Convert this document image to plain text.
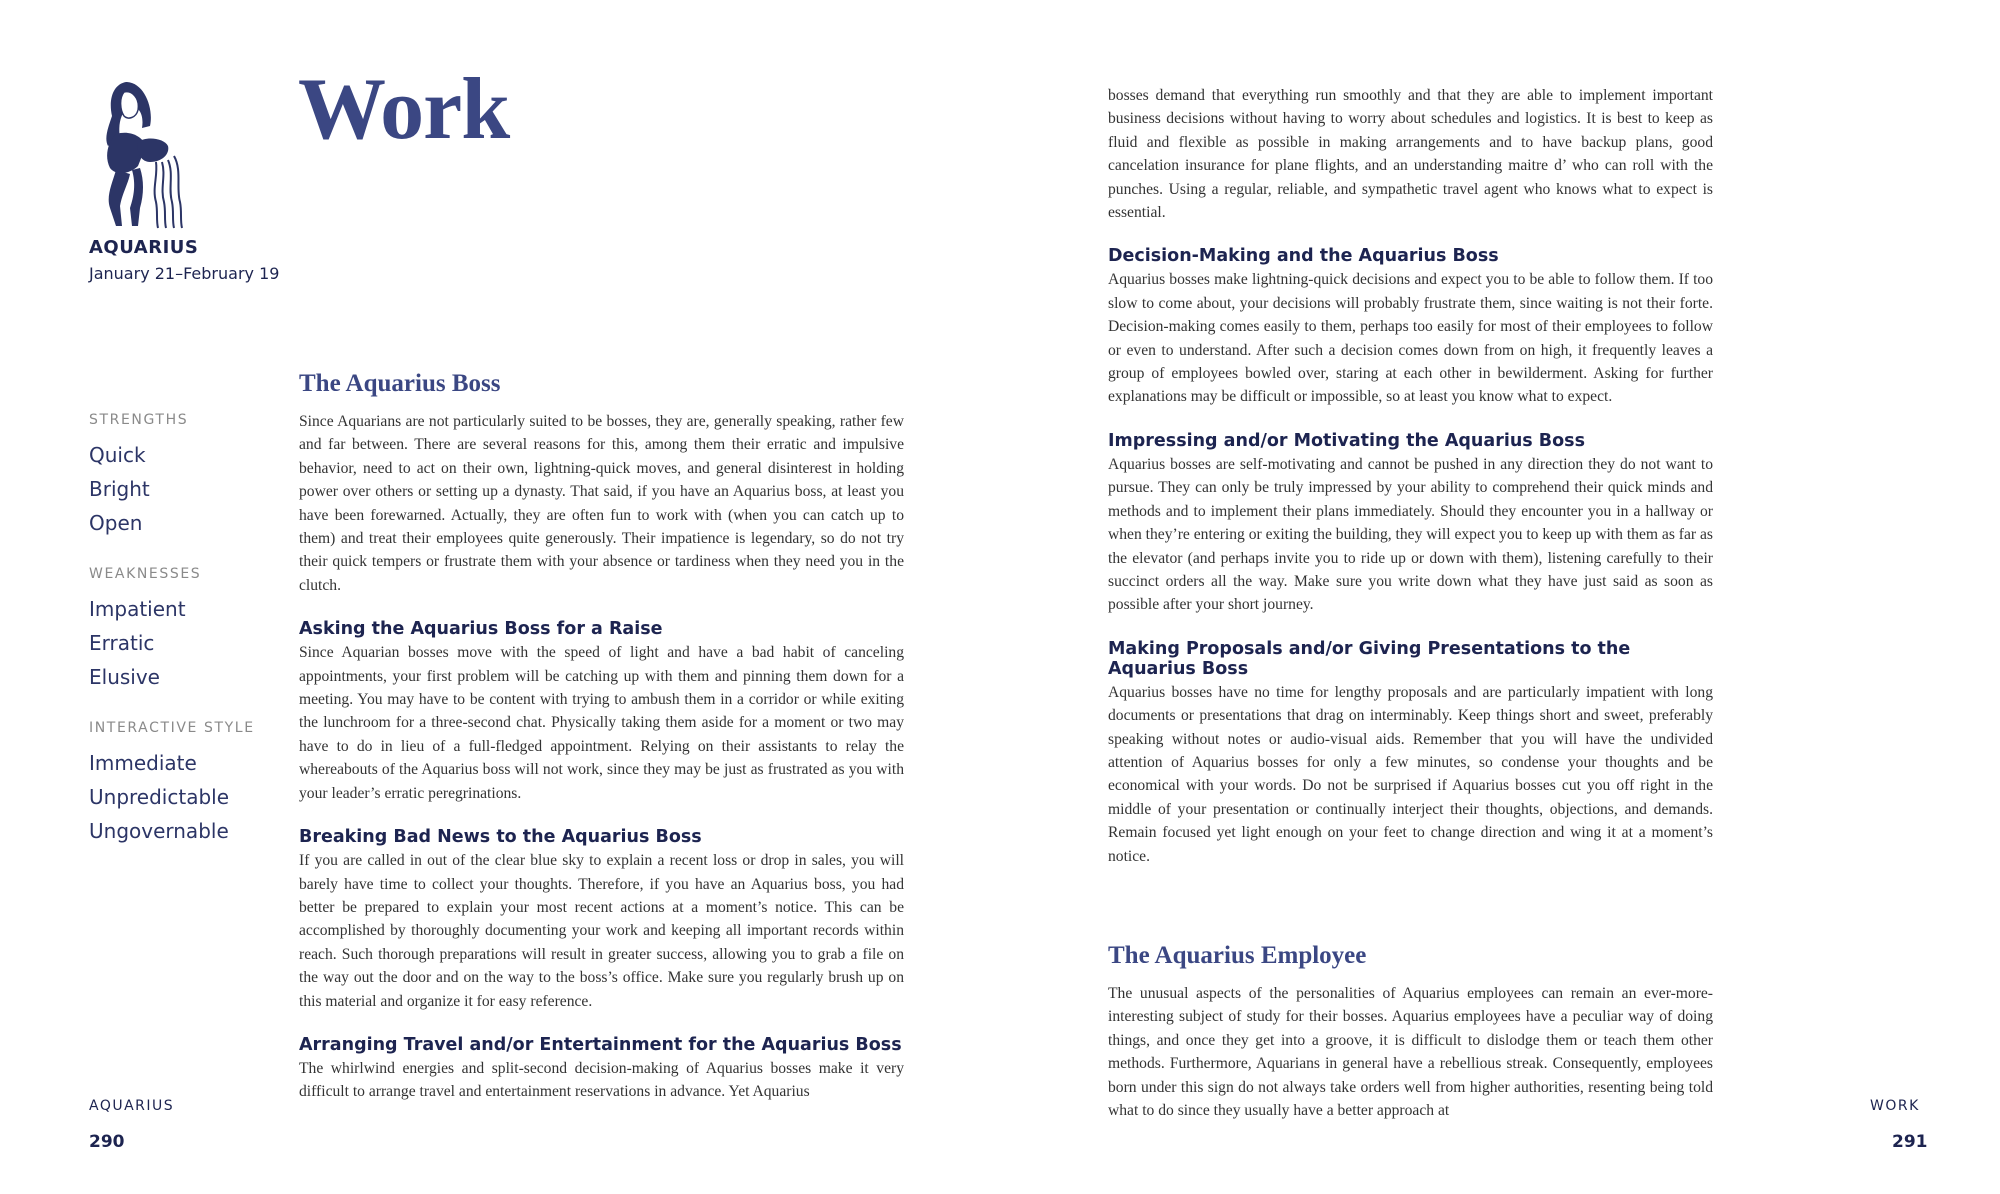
AQUARIUS
January 21–February 19
Work
STRENGTHS
Quick
Bright
Open
WEAKNESSES
Impatient
Erratic
Elusive
INTERACTIVE STYLE
Immediate
Unpredictable
Ungovernable
The Aquarius Boss

Since Aquarians are not particularly suited to be bosses, they are, generally speaking, rather few and far between. There are several reasons for this, among them their erratic and impulsive behavior, need to act on their own, lightning-quick moves, and general disinterest in holding power over others or setting up a dynasty. That said, if you have an Aquarius boss, at least you have been forewarned. Actually, they are often fun to work with (when you can catch up to them) and treat their employees quite generously. Their impatience is legendary, so do not try their quick tempers or frustrate them with your absence or tardiness when they need you in the clutch.

Asking the Aquarius Boss for a Raise

Since Aquarian bosses move with the speed of light and have a bad habit of canceling appointments, your first problem will be catching up with them and pinning them down for a meeting. You may have to be content with trying to ambush them in a corridor or while exiting the lunchroom for a three-second chat. Physically taking them aside for a moment or two may have to do in lieu of a full-fledged appointment. Relying on their assistants to relay the whereabouts of the Aquarius boss will not work, since they may be just as frustrated as you with your leader’s erratic peregrinations.

Breaking Bad News to the Aquarius Boss

If you are called in out of the clear blue sky to explain a recent loss or drop in sales, you will barely have time to collect your thoughts. Therefore, if you have an Aquarius boss, you had better be prepared to explain your most recent actions at a moment’s notice. This can be accomplished by thoroughly documenting your work and keeping all important records within reach. Such thorough preparations will result in greater success, allowing you to grab a file on the way out the door and on the way to the boss’s office. Make sure you regularly brush up on this material and organize it for easy reference.

Arranging Travel and/or Entertainment for the Aquarius Boss

The whirlwind energies and split-second decision-making of Aquarius bosses make it very difficult to arrange travel and entertainment reservations in advance. Yet Aquarius

AQUARIUS
290

bosses demand that everything run smoothly and that they are able to implement important business decisions without having to worry about schedules and logistics. It is best to keep as fluid and flexible as possible in making arrangements and to have backup plans, good cancelation insurance for plane flights, and an understanding maitre d’ who can roll with the punches. Using a regular, reliable, and sympathetic travel agent who knows what to expect is essential.

Decision-Making and the Aquarius Boss

Aquarius bosses make lightning-quick decisions and expect you to be able to follow them. If too slow to come about, your decisions will probably frustrate them, since waiting is not their forte. Decision-making comes easily to them, perhaps too easily for most of their employees to follow or even to understand. After such a decision comes down from on high, it frequently leaves a group of employees bowled over, staring at each other in bewilderment. Asking for further explanations may be difficult or impossible, so at least you know what to expect.

Impressing and/or Motivating the Aquarius Boss

Aquarius bosses are self-motivating and cannot be pushed in any direction they do not want to pursue. They can only be truly impressed by your ability to comprehend their quick minds and methods and to implement their plans immediately. Should they encounter you in a hallway or when they’re entering or exiting the building, they will expect you to keep up with them as far as the elevator (and perhaps invite you to ride up or down with them), listening carefully to their succinct orders all the way. Make sure you write down what they have just said as soon as possible after your short journey.

Making Proposals and/or Giving Presentations to the Aquarius Boss

Aquarius bosses have no time for lengthy proposals and are particularly impatient with long documents or presentations that drag on interminably. Keep things short and sweet, preferably speaking without notes or audio-visual aids. Remember that you will have the undivided attention of Aquarius bosses for only a few minutes, so condense your thoughts and be economical with your words. Do not be surprised if Aquarius bosses cut you off right in the middle of your presentation or continually interject their thoughts, objections, and demands. Remain focused yet light enough on your feet to change direction and wing it at a moment’s notice.

The Aquarius Employee

The unusual aspects of the personalities of Aquarius employees can remain an ever-more-interesting subject of study for their bosses. Aquarius employees have a peculiar way of doing things, and once they get into a groove, it is difficult to dislodge them or teach them other methods. Furthermore, Aquarians in general have a rebellious streak. Consequently, employees born under this sign do not always take orders well from higher authorities, resenting being told what to do since they usually have a better approach at	WORK
291
